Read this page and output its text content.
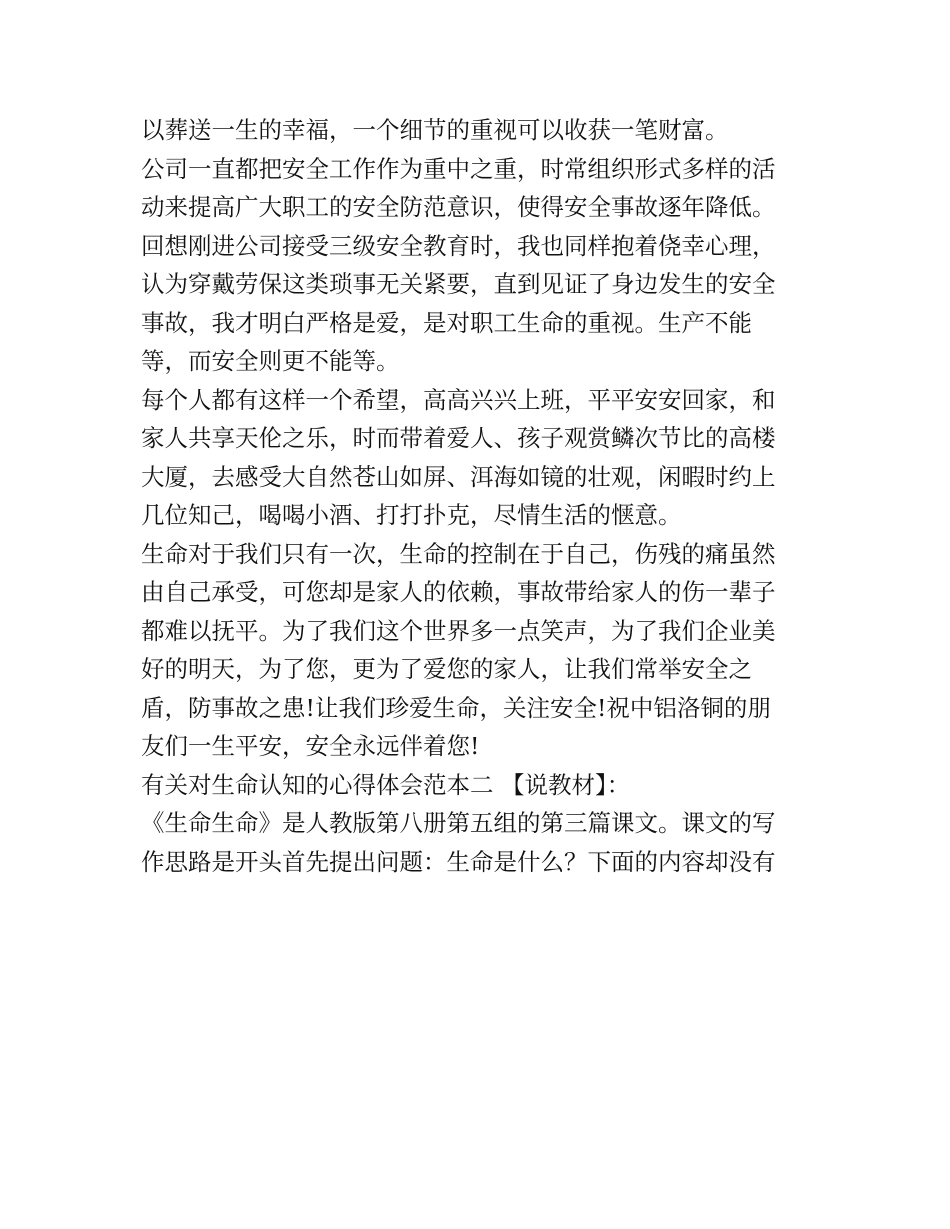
以葬送一生的幸福，一个细节的重视可以收获一笔财富。
公司一直都把安全工作作为重中之重，时常组织形式多样的活
动来提高广大职工的安全防范意识，使得安全事故逐年降低。
回想刚进公司接受三级安全教育时，我也同样抱着侥幸心理，
认为穿戴劳保这类琐事无关紧要，直到见证了身边发生的安全
事故，我才明白严格是爱，是对职工生命的重视。生产不能
等，而安全则更不能等。
每个人都有这样一个希望，高高兴兴上班，平平安安回家，和
家人共享天伦之乐，时而带着爱人、孩子观赏鳞次节比的高楼
大厦，去感受大自然苍山如屏、洱海如镜的壮观，闲暇时约上
几位知己，喝喝小酒、打打扑克，尽情生活的惬意。
生命对于我们只有一次，生命的控制在于自己，伤残的痛虽然
由自己承受，可您却是家人的依赖，事故带给家人的伤一辈子
都难以抚平。为了我们这个世界多一点笑声，为了我们企业美
好的明天，为了您，更为了爱您的家人，让我们常举安全之
盾，防事故之患!让我们珍爱生命，关注安全!祝中铝洛铜的朋
友们一生平安，安全永远伴着您!
有关对生命认知的心得体会范本二 【说教材】：
《生命生命》是人教版第八册第五组的第三篇课文。课文的写
作思路是开头首先提出问题：生命是什么？下面的内容却没有
